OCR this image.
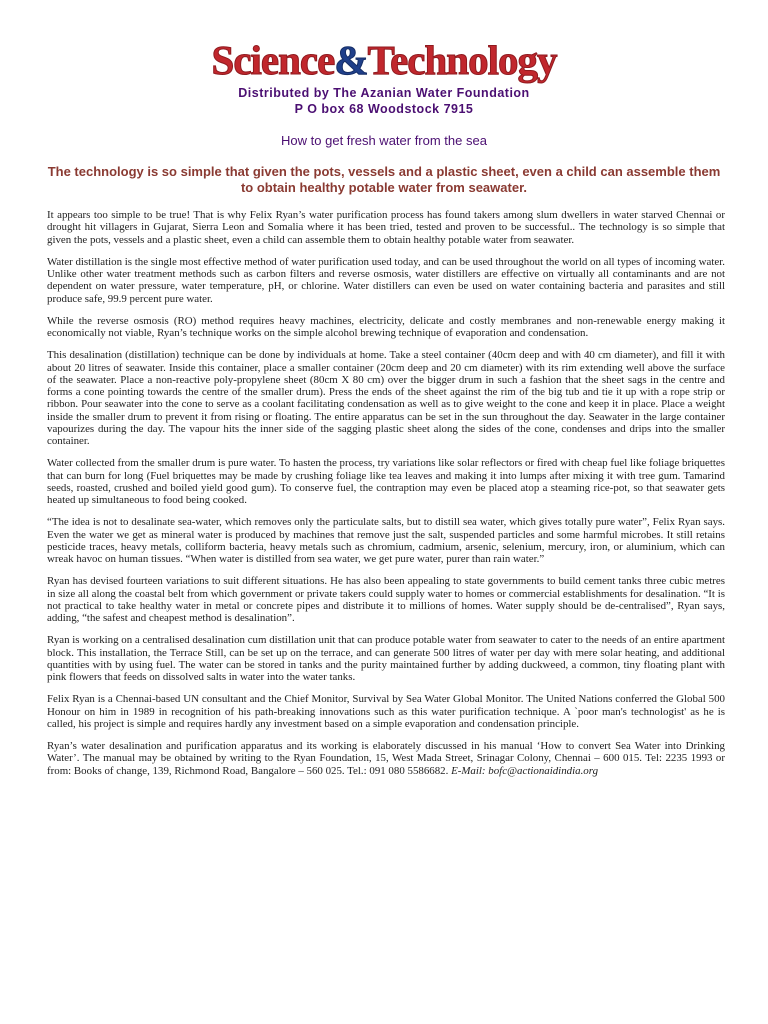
Science&Technology
Distributed by The Azanian Water Foundation
P O box 68 Woodstock 7915
How to get fresh water from the sea
The technology is so simple that given the pots, vessels and a plastic sheet, even a child can assemble them to obtain healthy potable water from seawater.

It appears too simple to be true! That is why Felix Ryan’s water purification process has found takers among slum dwellers in water starved Chennai or drought hit villagers in Gujarat, Sierra Leon and Somalia where it has been tried, tested and proven to be successful.. The technology is so simple that given the pots, vessels and a plastic sheet, even a child can assemble them to obtain healthy potable water from seawater.

Water distillation is the single most effective method of water purification used today, and can be used throughout the world on all types of incoming water. Unlike other water treatment methods such as carbon filters and reverse osmosis, water distillers are effective on virtually all contaminants and are not dependent on water pressure, water temperature, pH, or chlorine. Water distillers can even be used on water containing bacteria and parasites and still produce safe, 99.9 percent pure water.

While the reverse osmosis (RO) method requires heavy machines, electricity, delicate and costly membranes and non-renewable energy making it economically not viable, Ryan’s technique works on the simple alcohol brewing technique of evaporation and condensation.

This desalination (distillation) technique can be done by individuals at home. Take a steel container (40cm deep and with 40 cm diameter), and fill it with about 20 litres of seawater. Inside this container, place a smaller container (20cm deep and 20 cm diameter) with its rim extending well above the surface of the seawater. Place a non-reactive poly-propylene sheet (80cm X 80 cm) over the bigger drum in such a fashion that the sheet sags in the centre and forms a cone pointing towards the centre of the smaller drum). Press the ends of the sheet against the rim of the big tub and tie it up with a rope strip or ribbon. Pour seawater into the cone to serve as a coolant facilitating condensation as well as to give weight to the cone and keep it in place. Place a weight inside the smaller drum to prevent it from rising or floating. The entire apparatus can be set in the sun throughout the day. Seawater in the large container vapourizes during the day. The vapour hits the inner side of the sagging plastic sheet along the sides of the cone, condenses and drips into the smaller container.

Water collected from the smaller drum is pure water. To hasten the process, try variations like solar reflectors or fired with cheap fuel like foliage briquettes that can burn for long (Fuel briquettes may be made by crushing foliage like tea leaves and making it into lumps after mixing it with tree gum. Tamarind seeds, roasted, crushed and boiled yield good gum). To conserve fuel, the contraption may even be placed atop a steaming rice-pot, so that seawater gets heated up simultaneous to food being cooked.

“The idea is not to desalinate sea-water, which removes only the particulate salts, but to distill sea water, which gives totally pure water”, Felix Ryan says. Even the water we get as mineral water is produced by machines that remove just the salt, suspended particles and some harmful microbes. It still retains pesticide traces, heavy metals, colliform bacteria, heavy metals such as chromium, cadmium, arsenic, selenium, mercury, iron, or aluminium, which can wreak havoc on human tissues. “When water is distilled from sea water, we get pure water, purer than rain water.”

Ryan has devised fourteen variations to suit different situations. He has also been appealing to state governments to build cement tanks three cubic metres in size all along the coastal belt from which government or private takers could supply water to homes or commercial establishments for desalination. “It is not practical to take healthy water in metal or concrete pipes and distribute it to millions of homes. Water supply should be de-centralised”, Ryan says, adding, “the safest and cheapest method is desalination”.

Ryan is working on a centralised desalination cum distillation unit that can produce potable water from seawater to cater to the needs of an entire apartment block. This installation, the Terrace Still, can be set up on the terrace, and can generate 500 litres of water per day with mere solar heating, and additional quantities with by using fuel. The water can be stored in tanks and the purity maintained further by adding duckweed, a common, tiny floating plant with pink flowers that feeds on dissolved salts in water into the water tanks.

Felix Ryan is a Chennai-based UN consultant and the Chief Monitor, Survival by Sea Water Global Monitor. The United Nations conferred the Global 500 Honour on him in 1989 in recognition of his path-breaking innovations such as this water purification technique. A `poor man's technologist' as he is called, his project is simple and requires hardly any investment based on a simple evaporation and condensation principle.

Ryan’s water desalination and purification apparatus and its working is elaborately discussed in his manual ‘How to convert Sea Water into Drinking Water’. The manual may be obtained by writing to the Ryan Foundation, 15, West Mada Street, Srinagar Colony, Chennai – 600 015. Tel: 2235 1993 or from: Books of change, 139, Richmond Road, Bangalore – 560 025. Tel.: 091 080 5586682. E-Mail: bofc@actionaidindia.org
